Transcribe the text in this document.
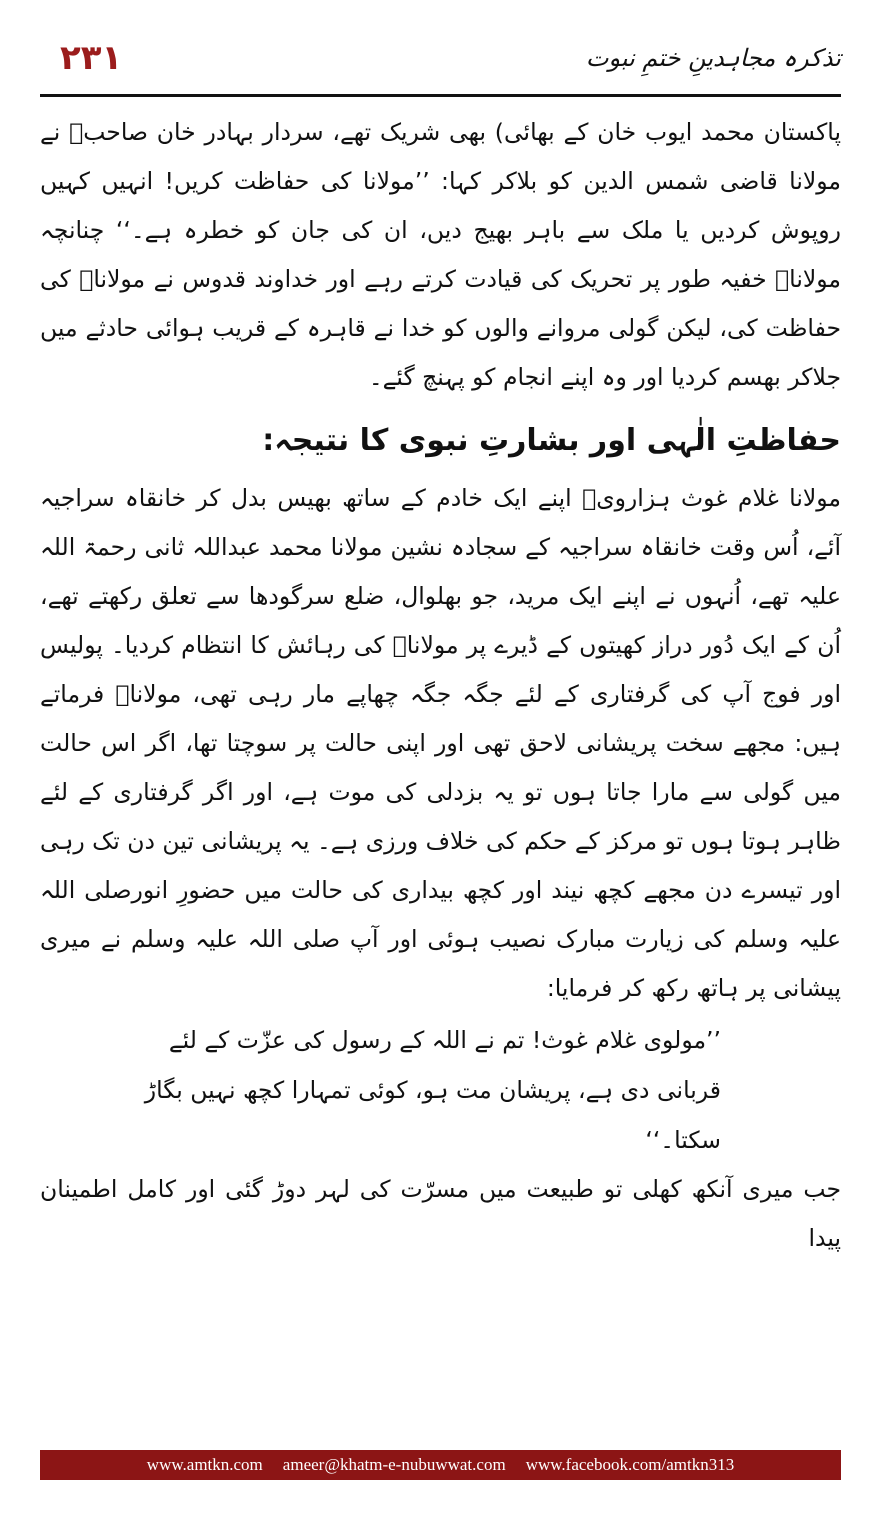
۲۳۱	تذکرہ مجاہدینِ ختمِ نبوت

پاکستان محمد ایوب خان کے بھائی) بھی شریک تھے، سردار بہادر خان صاحبؒ نے مولانا قاضی شمس الدین کو بلاکر کہا: ’’مولانا کی حفاظت کریں! انہیں کہیں روپوش کردیں یا ملک سے باہر بھیج دیں، ان کی جان کو خطرہ ہے۔‘‘ چنانچہ مولاناؒ خفیہ طور پر تحریک کی قیادت کرتے رہے اور خداوند قدوس نے مولاناؒ کی حفاظت کی، لیکن گولی مروانے والوں کو خدا نے قاہرہ کے قریب ہوائی حادثے میں جلاکر بھسم کردیا اور وہ اپنے انجام کو پہنچ گئے۔

حفاظتِ الٰہی اور بشارتِ نبوی کا نتیجہ:

مولانا غلام غوث ہزارویؒ اپنے ایک خادم کے ساتھ بھیس بدل کر خانقاہ سراجیہ آئے، اُس وقت خانقاہ سراجیہ کے سجادہ نشین مولانا محمد عبداللہ ثانی رحمۃ اللہ علیہ تھے، اُنہوں نے اپنے ایک مرید، جو بھلوال، ضلع سرگودھا سے تعلق رکھتے تھے، اُن کے ایک دُور دراز کھیتوں کے ڈیرے پر مولاناؒ کی رہائش کا انتظام کردیا۔ پولیس اور فوج آپ کی گرفتاری کے لئے جگہ جگہ چھاپے مار رہی تھی، مولاناؒ فرماتے ہیں: مجھے سخت پریشانی لاحق تھی اور اپنی حالت پر سوچتا تھا، اگر اس حالت میں گولی سے مارا جاتا ہوں تو یہ بزدلی کی موت ہے، اور اگر گرفتاری کے لئے ظاہر ہوتا ہوں تو مرکز کے حکم کی خلاف ورزی ہے۔ یہ پریشانی تین دن تک رہی اور تیسرے دن مجھے کچھ نیند اور کچھ بیداری کی حالت میں حضورِ انورصلی اللہ علیہ وسلم کی زیارت مبارک نصیب ہوئی اور آپ صلی اللہ علیہ وسلم نے میری پیشانی پر ہاتھ رکھ کر فرمایا:

’’مولوی غلام غوث! تم نے اللہ کے رسول کی عزّت کے لئے قربانی دی ہے، پریشان مت ہو، کوئی تمہارا کچھ نہیں بگاڑ سکتا۔‘‘

جب میری آنکھ کھلی تو طبیعت میں مسرّت کی لہر دوڑ گئی اور کامل اطمینان پیدا

www.amtkn.com ameer@khatm-e-nubuwwat.com www.facebook.com/amtkn313
